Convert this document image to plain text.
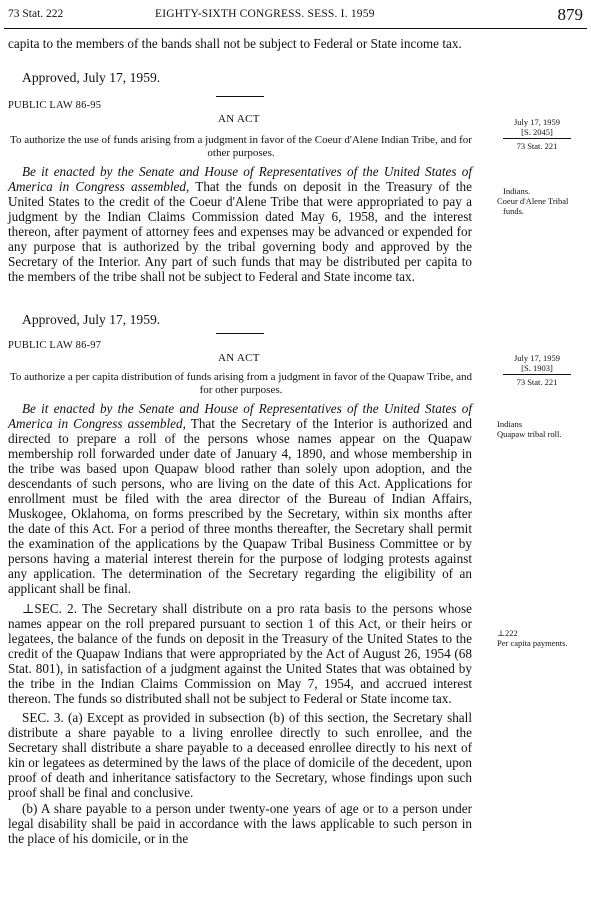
73 Stat. 222	EIGHTY-SIXTH CONGRESS. SESS. I. 1959	879
capita to the members of the bands shall not be subject to Federal or State income tax.
Approved, July 17, 1959.
PUBLIC LAW 86-95
AN ACT
To authorize the use of funds arising from a judgment in favor of the Coeur d'Alene Indian Tribe, and for other purposes.
July 17, 1959
[S. 2045]
73 Stat. 221
Indians.
Coeur d'Alene Tribal funds.

Be it enacted by the Senate and House of Representatives of the United States of America in Congress assembled, That the funds on deposit in the Treasury of the United States to the credit of the Coeur d'Alene Tribe that were appropriated to pay a judgment by the Indian Claims Commission dated May 6, 1958, and the interest thereon, after payment of attorney fees and expenses may be advanced or expended for any purpose that is authorized by the tribal governing body and approved by the Secretary of the Interior. Any part of such funds that may be distributed per capita to the members of the tribe shall not be subject to Federal and State income tax.

Approved, July 17, 1959.
PUBLIC LAW 86-97
AN ACT
To authorize a per capita distribution of funds arising from a judgment in favor of the Quapaw Tribe, and for other purposes.
July 17, 1959
[S. 1903]
73 Stat. 221
Indians
Quapaw tribal roll.
⊥222
Per capita payments.

Be it enacted by the Senate and House of Representatives of the United States of America in Congress assembled, That the Secretary of the Interior is authorized and directed to prepare a roll of the persons whose names appear on the Quapaw membership roll forwarded under date of January 4, 1890, and whose membership in the tribe was based upon Quapaw blood rather than solely upon adoption, and the descendants of such persons, who are living on the date of this Act. Applications for enrollment must be filed with the area director of the Bureau of Indian Affairs, Muskogee, Oklahoma, on forms prescribed by the Secretary, within six months after the date of this Act. For a period of three months thereafter, the Secretary shall permit the examination of the applications by the Quapaw Tribal Business Committee or by persons having a material interest therein for the purpose of lodging protests against any application. The determination of the Secretary regarding the eligibility of an applicant shall be final.

⊥SEC. 2. The Secretary shall distribute on a pro rata basis to the persons whose names appear on the roll prepared pursuant to section 1 of this Act, or their heirs or legatees, the balance of the funds on deposit in the Treasury of the United States to the credit of the Quapaw Indians that were appropriated by the Act of August 26, 1954 (68 Stat. 801), in satisfaction of a judgment against the United States that was obtained by the tribe in the Indian Claims Commission on May 7, 1954, and accrued interest thereon. The funds so distributed shall not be subject to Federal or State income tax.

SEC. 3. (a) Except as provided in subsection (b) of this section, the Secretary shall distribute a share payable to a living enrollee directly to such enrollee, and the Secretary shall distribute a share payable to a deceased enrollee directly to his next of kin or legatees as determined by the laws of the place of domicile of the decedent, upon proof of death and inheritance satisfactory to the Secretary, whose findings upon such proof shall be final and conclusive.

(b) A share payable to a person under twenty-one years of age or to a person under legal disability shall be paid in accordance with the laws applicable to such person in the place of his domicile, or in the
